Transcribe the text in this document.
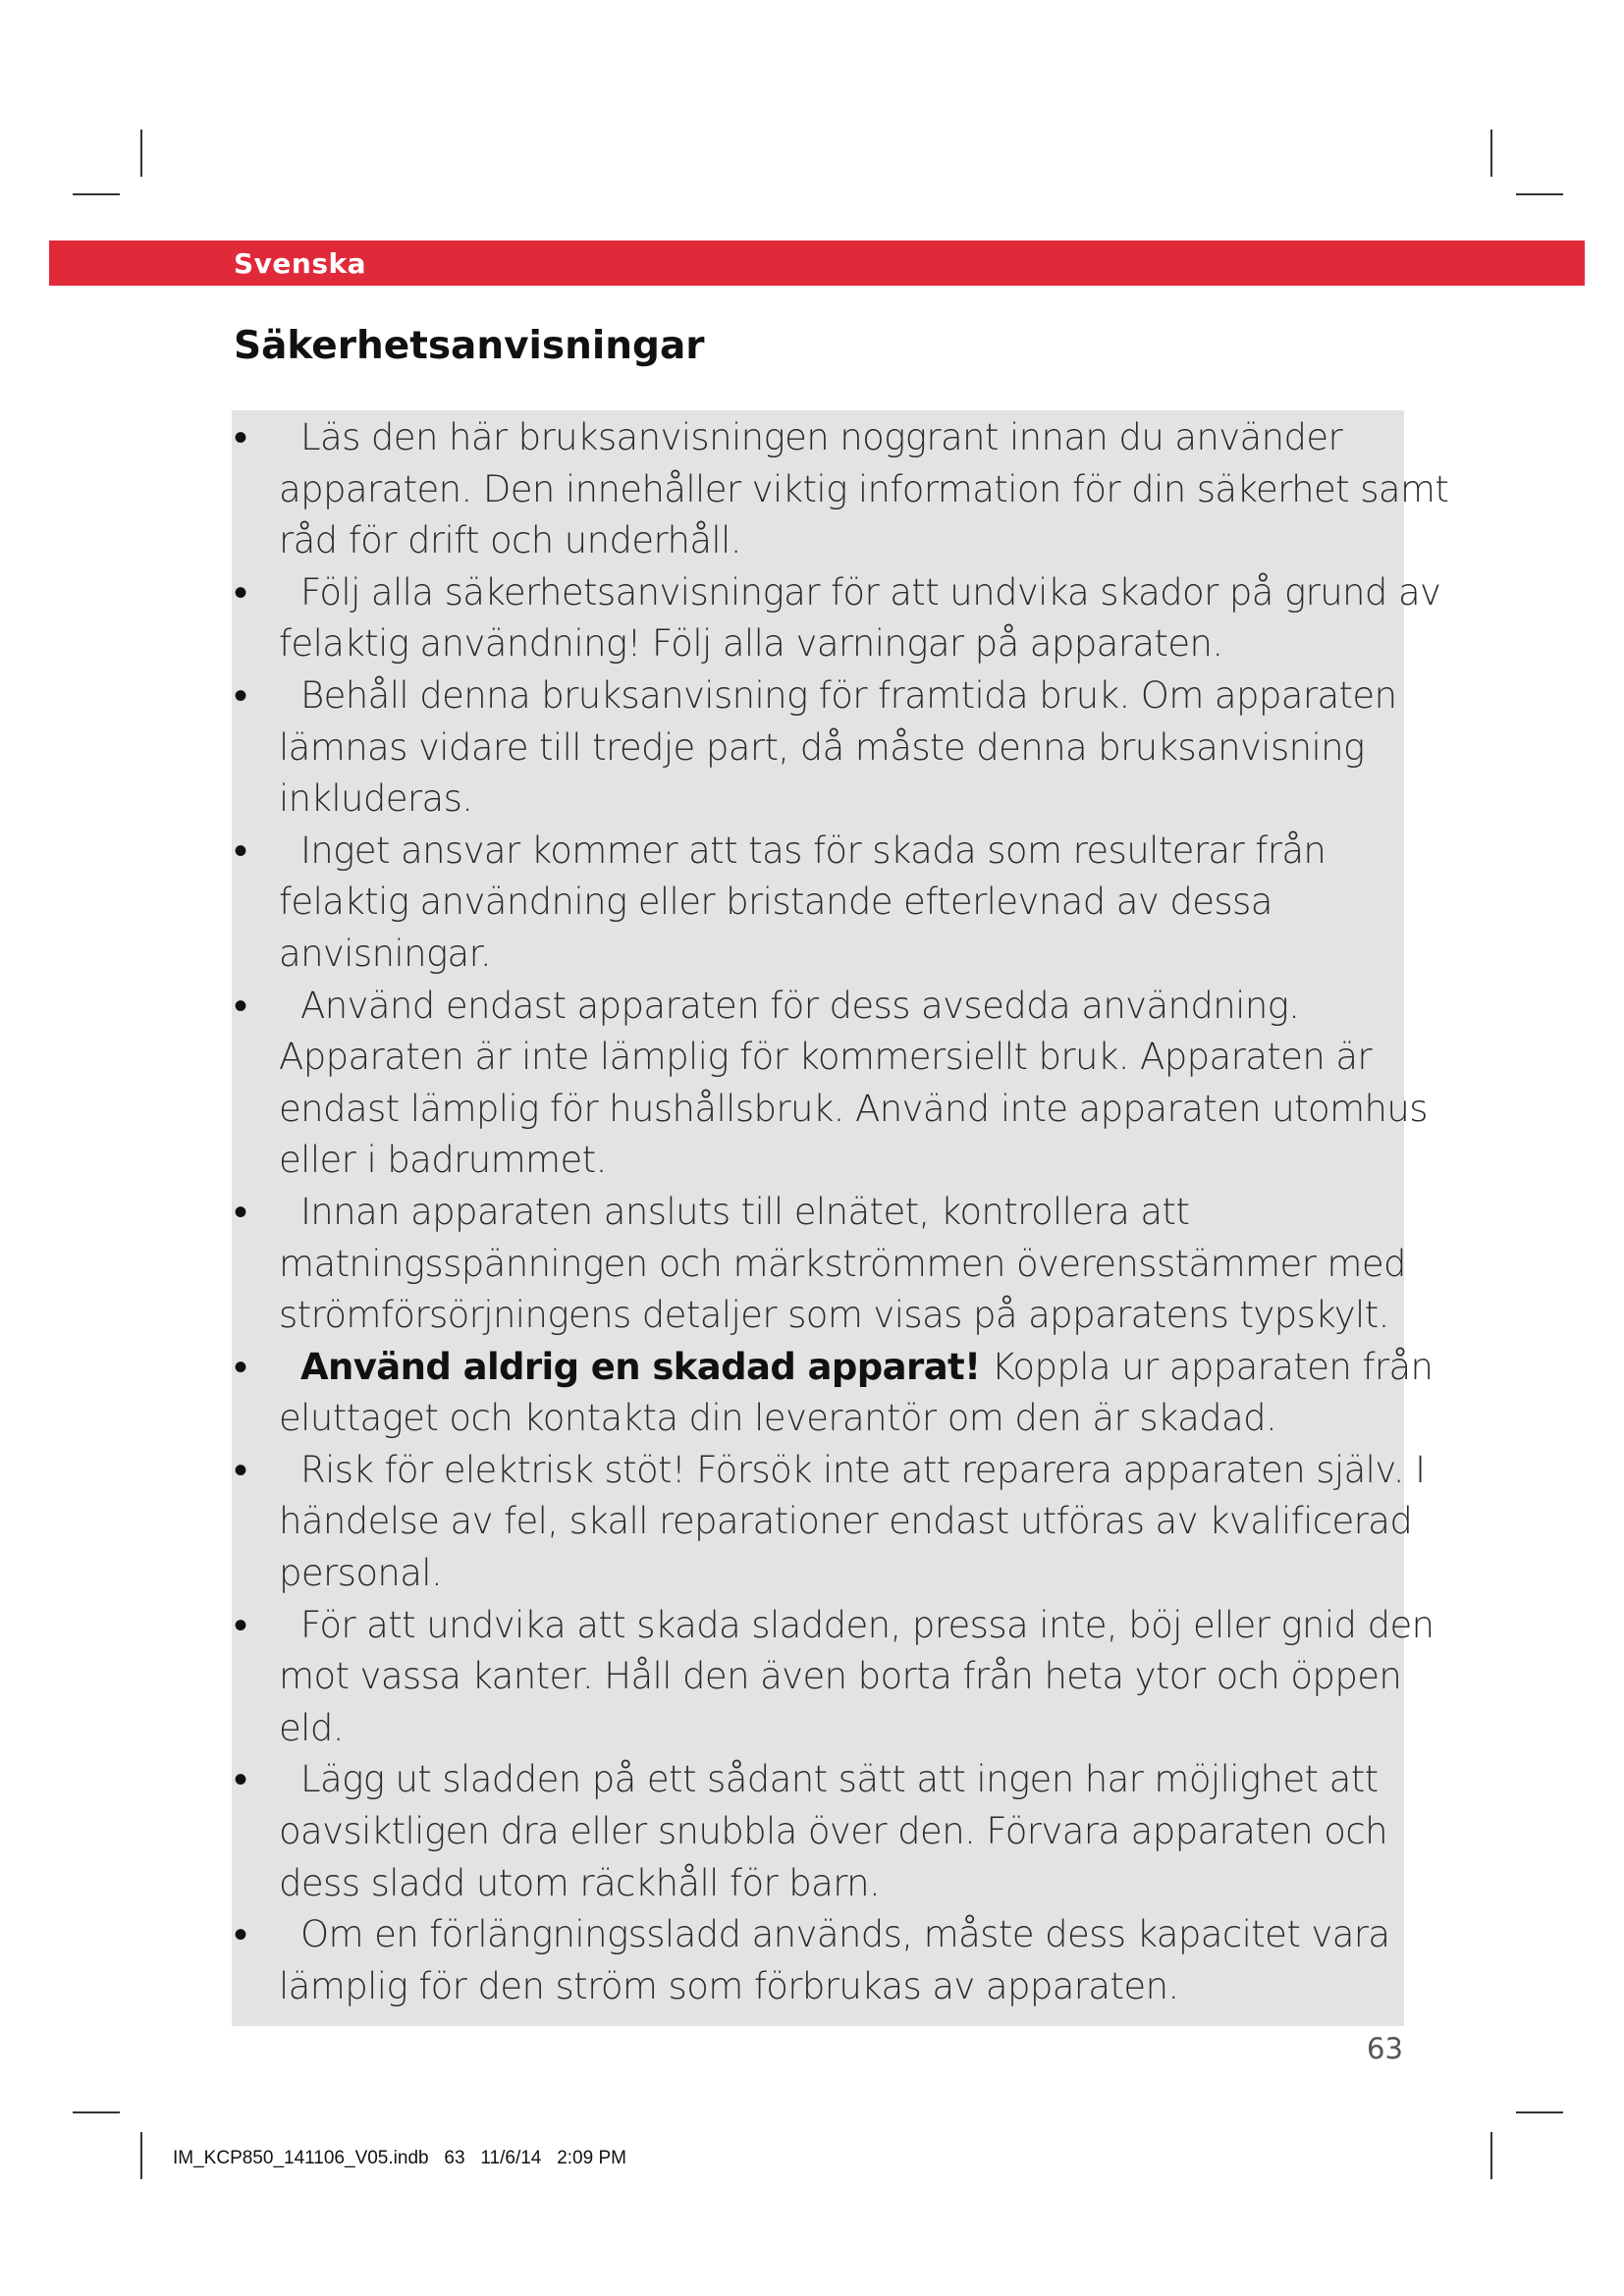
Svenska
Säkerhetsanvisningar
• Läs den här bruksanvisningen noggrant innan du använder apparaten. Den innehåller viktig information för din säkerhet samt råd för drift och underhåll.
• Följ alla säkerhetsanvisningar för att undvika skador på grund av felaktig användning! Följ alla varningar på apparaten.
• Behåll denna bruksanvisning för framtida bruk. Om apparaten lämnas vidare till tredje part, då måste denna bruksanvisning inkluderas.
• Inget ansvar kommer att tas för skada som resulterar från felaktig användning eller bristande efterlevnad av dessa anvisningar.
• Använd endast apparaten för dess avsedda användning. Apparaten är inte lämplig för kommersiellt bruk. Apparaten är endast lämplig för hushållsbruk. Använd inte apparaten utomhus eller i badrummet.
• Innan apparaten ansluts till elnätet, kontrollera att matningsspänningen och märkströmmen överensstämmer med strömförsörjningens detaljer som visas på apparatens typskylt.
• Använd aldrig en skadad apparat! Koppla ur apparaten från eluttaget och kontakta din leverantör om den är skadad.
• Risk för elektrisk stöt! Försök inte att reparera apparaten själv. I händelse av fel, skall reparationer endast utföras av kvalificerad personal.
• För att undvika att skada sladden, pressa inte, böj eller gnid den mot vassa kanter. Håll den även borta från heta ytor och öppen eld.
• Lägg ut sladden på ett sådant sätt att ingen har möjlighet att oavsiktligen dra eller snubbla över den. Förvara apparaten och dess sladd utom räckhåll för barn.
• Om en förlängningssladd används, måste dess kapacitet vara lämplig för den ström som förbrukas av apparaten.
63
IM_KCP850_141106_V05.indb   63   11/6/14   2:09 PM
